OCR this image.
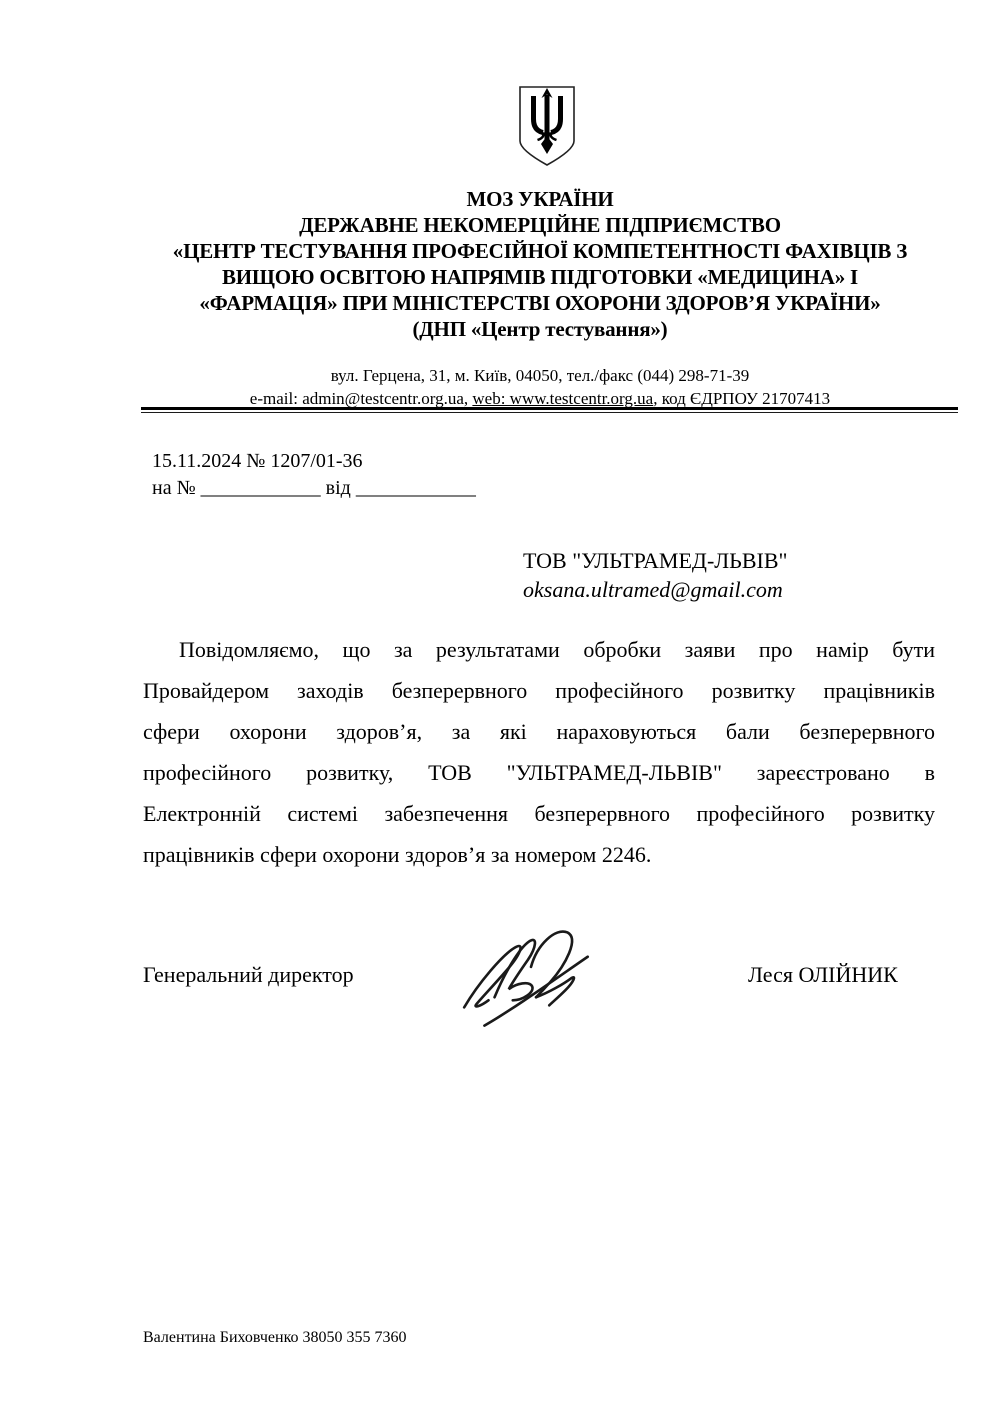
МОЗ УКРАЇНИ
ДЕРЖАВНЕ НЕКОМЕРЦІЙНЕ ПІДПРИЄМСТВО
«ЦЕНТР ТЕСТУВАННЯ ПРОФЕСІЙНОЇ КОМПЕТЕНТНОСТІ ФАХІВЦІВ З
ВИЩОЮ ОСВІТОЮ НАПРЯМІВ ПІДГОТОВКИ «МЕДИЦИНА» І
«ФАРМАЦІЯ» ПРИ МІНІСТЕРСТВІ ОХОРОНИ ЗДОРОВ’Я УКРАЇНИ»
(ДНП «Центр тестування»)
вул. Герцена, 31, м. Київ, 04050, тел./факс (044) 298-71-39
e-mail: admin@testcentr.org.ua, web: www.testcentr.org.ua, код ЄДРПОУ 21707413
15.11.2024 № 1207/01-36
на № ____________ від ____________
ТОВ "УЛЬТРАМЕД-ЛЬВІВ"
oksana.ultramed@gmail.com
Повідомляємо, що за результатами обробки заяви про намір бути
Провайдером заходів безперервного професійного розвитку працівників
сфери охорони здоров’я, за які нараховуються бали безперервного
професійного розвитку, ТОВ "УЛЬТРАМЕД-ЛЬВІВ" зареєстровано в
Електронній системі забезпечення безперервного професійного розвитку
працівників сфери охорони здоров’я за номером 2246.
Генеральний директор	Леся ОЛІЙНИК
Валентина Биховченко 38050 355 7360
